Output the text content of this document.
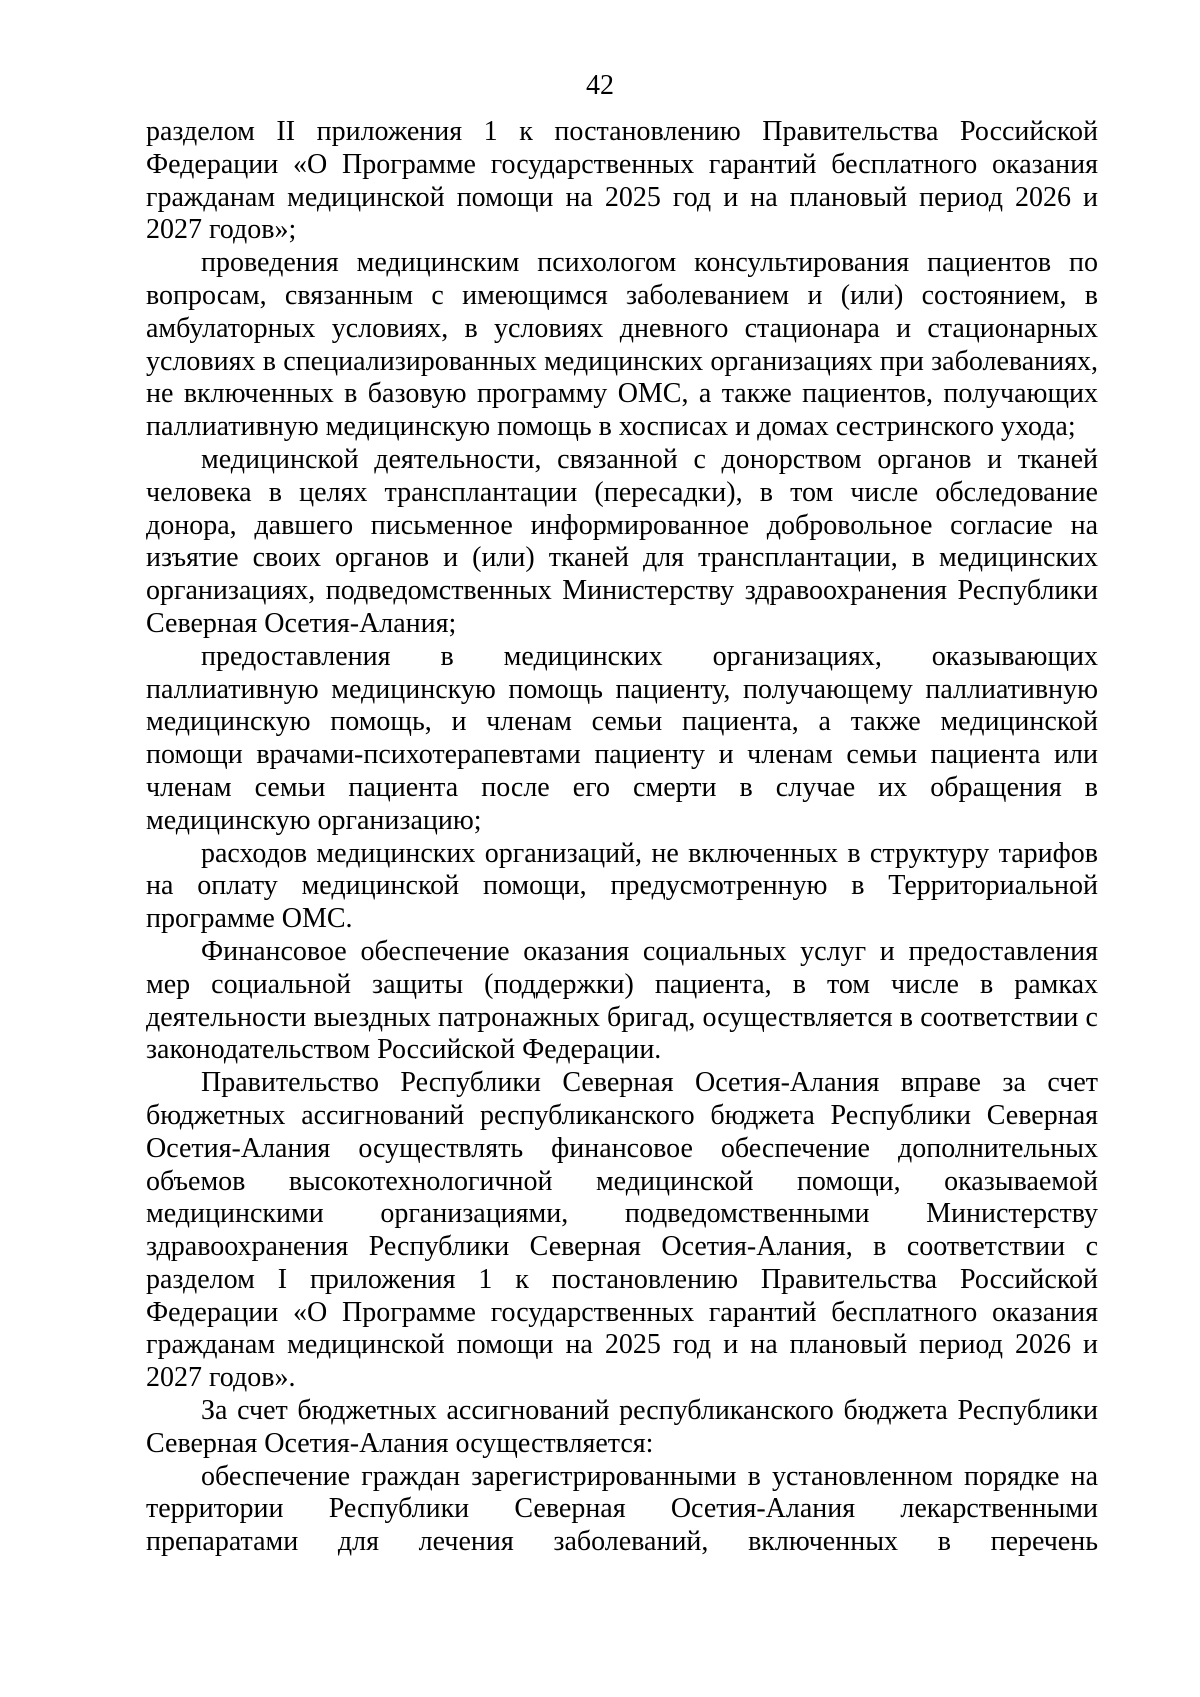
42

разделом II приложения 1 к постановлению Правительства Российской Федерации «О Программе государственных гарантий бесплатного оказания гражданам медицинской помощи на 2025 год и на плановый период 2026 и 2027 годов»;

проведения медицинским психологом консультирования пациентов по вопросам, связанным с имеющимся заболеванием и (или) состоянием, в амбулаторных условиях, в условиях дневного стационара и стационарных условиях в специализированных медицинских организациях при заболеваниях, не включенных в базовую программу ОМС, а также пациентов, получающих паллиативную медицинскую помощь в хосписах и домах сестринского ухода;

медицинской деятельности, связанной с донорством органов и тканей человека в целях трансплантации (пересадки), в том числе обследование донора, давшего письменное информированное добровольное согласие на изъятие своих органов и (или) тканей для трансплантации, в медицинских организациях, подведомственных Министерству здравоохранения Республики Северная Осетия-Алания;

предоставления в медицинских организациях, оказывающих паллиативную медицинскую помощь пациенту, получающему паллиативную медицинскую помощь, и членам семьи пациента, а также медицинской помощи врачами-психотерапевтами пациенту и членам семьи пациента или членам семьи пациента после его смерти в случае их обращения в медицинскую организацию;

расходов медицинских организаций, не включенных в структуру тарифов на оплату медицинской помощи, предусмотренную в Территориальной программе ОМС.

Финансовое обеспечение оказания социальных услуг и предоставления мер социальной защиты (поддержки) пациента, в том числе в рамках деятельности выездных патронажных бригад, осуществляется в соответствии с законодательством Российской Федерации.

Правительство Республики Северная Осетия-Алания вправе за счет бюджетных ассигнований республиканского бюджета Республики Северная Осетия-Алания осуществлять финансовое обеспечение дополнительных объемов высокотехнологичной медицинской помощи, оказываемой медицинскими организациями, подведомственными Министерству здравоохранения Республики Северная Осетия-Алания, в соответствии с разделом I приложения 1 к постановлению Правительства Российской Федерации «О Программе государственных гарантий бесплатного оказания гражданам медицинской помощи на 2025 год и на плановый период 2026 и 2027 годов».

За счет бюджетных ассигнований республиканского бюджета Республики Северная Осетия-Алания осуществляется:

обеспечение граждан зарегистрированными в установленном порядке на территории Республики Северная Осетия-Алания лекарственными препаратами для лечения заболеваний, включенных в перечень
